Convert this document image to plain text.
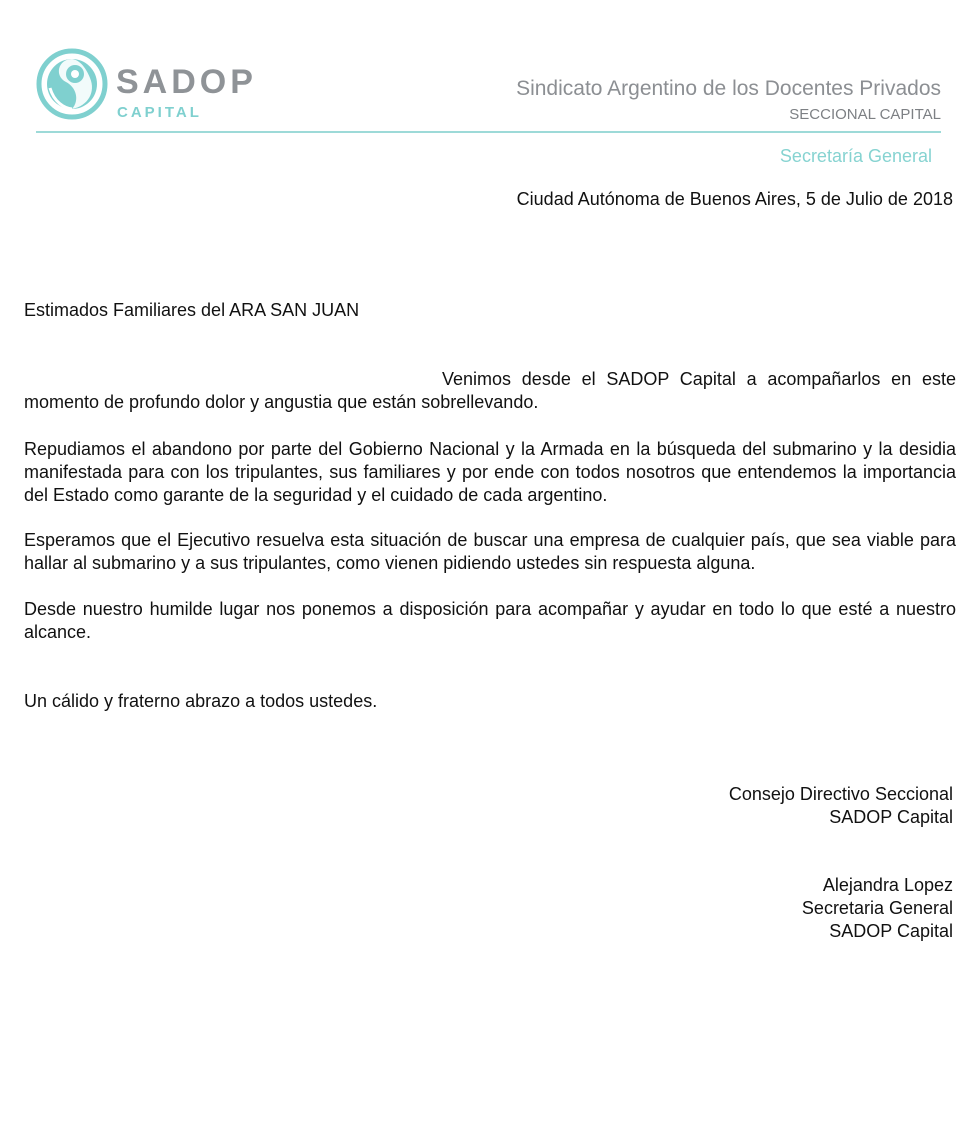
SADOP
CAPITAL
Sindicato Argentino de los Docentes Privados
SECCIONAL CAPITAL
Secretaría General
Ciudad Autónoma de Buenos Aires, 5 de Julio de 2018
Estimados Familiares del ARA SAN JUAN

Venimos desde el SADOP Capital a acompañarlos en este momento de profundo dolor y angustia que están sobrellevando.

Repudiamos el abandono por parte del Gobierno Nacional y la Armada en la búsqueda del submarino y la desidia manifestada para con los tripulantes, sus familiares y por ende con todos nosotros que entendemos la importancia del Estado como garante de la seguridad y el cuidado de cada argentino.

Esperamos que el Ejecutivo resuelva esta situación de buscar una empresa de cualquier país, que sea viable para hallar al submarino y a sus tripulantes, como vienen pidiendo ustedes sin respuesta alguna.

Desde nuestro humilde lugar nos ponemos a disposición para acompañar y ayudar en todo lo que esté a nuestro alcance.

Un cálido y fraterno abrazo a todos ustedes.
Consejo Directivo Seccional
SADOP Capital
Alejandra Lopez
Secretaria General
SADOP Capital
